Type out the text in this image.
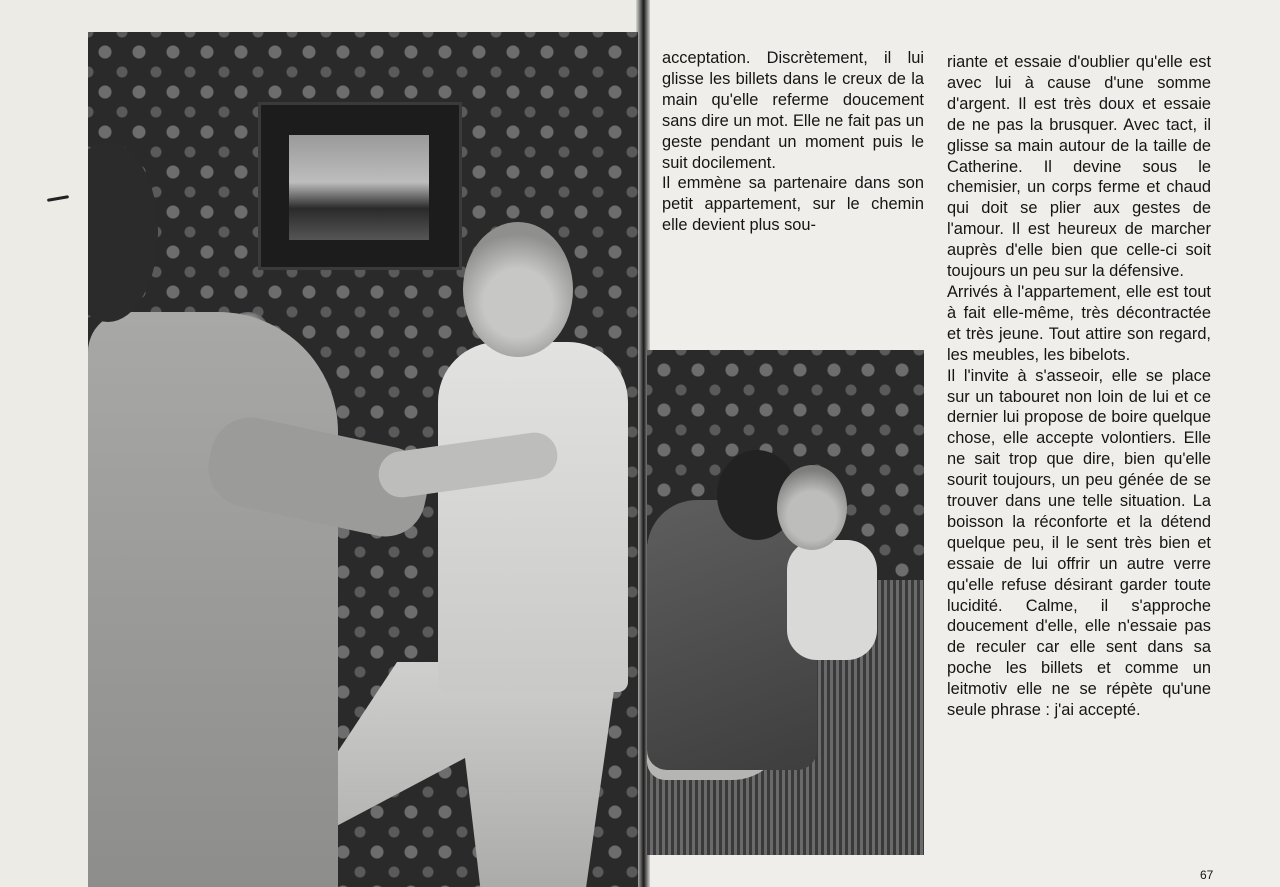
acceptation. Discrètement, il lui glisse les billets dans le creux de la main qu'elle referme doucement sans dire un mot. Elle ne fait pas un geste pendant un moment puis le suit docilement.

Il emmène sa partenaire dans son petit appartement, sur le chemin elle devient plus sou-

riante et essaie d'oublier qu'elle est avec lui à cause d'une somme d'argent. Il est très doux et essaie de ne pas la brusquer. Avec tact, il glisse sa main autour de la taille de Catherine. Il devine sous le chemisier, un corps ferme et chaud qui doit se plier aux gestes de l'amour. Il est heureux de marcher auprès d'elle bien que celle-ci soit toujours un peu sur la défensive.

Arrivés à l'appartement, elle est tout à fait elle-même, très décontractée et très jeune. Tout attire son regard, les meubles, les bibelots.

Il l'invite à s'asseoir, elle se place sur un tabouret non loin de lui et ce dernier lui propose de boire quelque chose, elle accepte volontiers. Elle ne sait trop que dire, bien qu'elle sourit toujours, un peu génée de se trouver dans une telle situation. La boisson la réconforte et la détend quelque peu, il le sent très bien et essaie de lui offrir un autre verre qu'elle refuse désirant garder toute lucidité. Calme, il s'approche doucement d'elle, elle n'essaie pas de reculer car elle sent dans sa poche les billets et comme un leitmotiv elle ne se répète qu'une seule phrase : j'ai accepté.

67
